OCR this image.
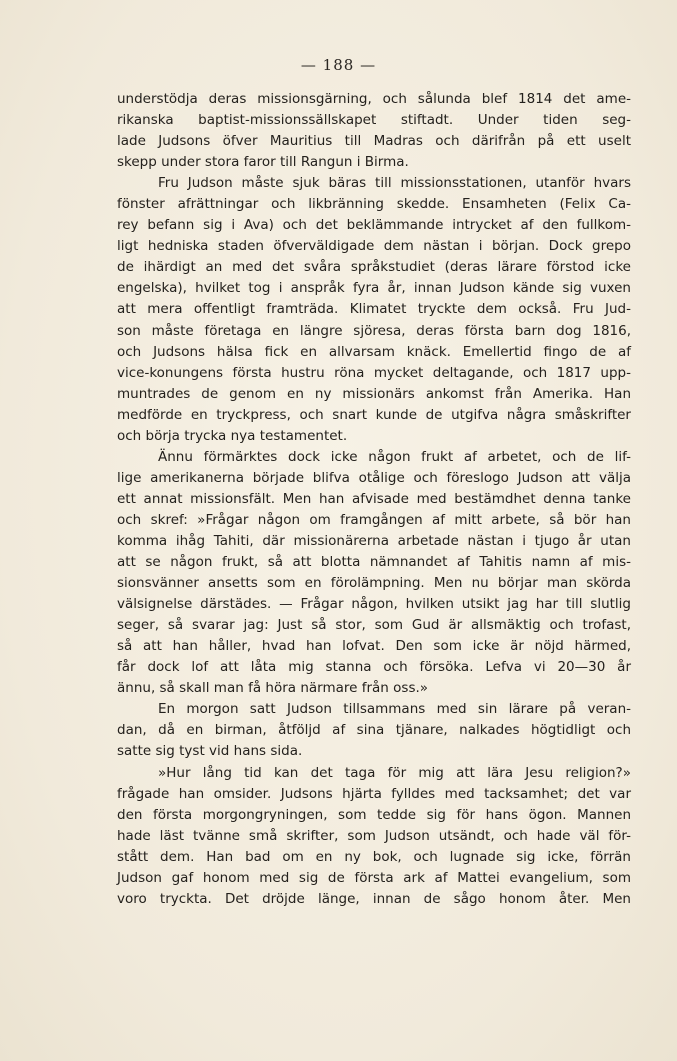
— 188 —
understödja deras missionsgärning, och sålunda blef 1814 det ame-
rikanska baptist-missionssällskapet stiftadt. Under tiden seg-
lade Judsons öfver Mauritius till Madras och därifrån på ett uselt
skepp under stora faror till Rangun i Birma.
Fru Judson måste sjuk bäras till missionsstationen, utanför hvars
fönster afrättningar och likbränning skedde. Ensamheten (Felix Ca-
rey befann sig i Ava) och det beklämmande intrycket af den fullkom-
ligt hedniska staden öfverväldigade dem nästan i början. Dock grepo
de ihärdigt an med det svåra språkstudiet (deras lärare förstod icke
engelska), hvilket tog i anspråk fyra år, innan Judson kände sig vuxen
att mera offentligt framträda. Klimatet tryckte dem också. Fru Jud-
son måste företaga en längre sjöresa, deras första barn dog 1816,
och Judsons hälsa fick en allvarsam knäck. Emellertid fingo de af
vice-konungens första hustru röna mycket deltagande, och 1817 upp-
muntrades de genom en ny missionärs ankomst från Amerika. Han
medförde en tryckpress, och snart kunde de utgifva några småskrifter
och börja trycka nya testamentet.
Ännu förmärktes dock icke någon frukt af arbetet, och de lif-
lige amerikanerna började blifva otålige och föreslogo Judson att välja
ett annat missionsfält. Men han afvisade med bestämdhet denna tanke
och skref: »Frågar någon om framgången af mitt arbete, så bör han
komma ihåg Tahiti, där missionärerna arbetade nästan i tjugo år utan
att se någon frukt, så att blotta nämnandet af Tahitis namn af mis-
sionsvänner ansetts som en förolämpning. Men nu börjar man skörda
välsignelse därstädes. — Frågar någon, hvilken utsikt jag har till slutlig
seger, så svarar jag: Just så stor, som Gud är allsmäktig och trofast,
så att han håller, hvad han lofvat. Den som icke är nöjd härmed,
får dock lof att låta mig stanna och försöka. Lefva vi 20—30 år
ännu, så skall man få höra närmare från oss.»
En morgon satt Judson tillsammans med sin lärare på veran-
dan, då en birman, åtföljd af sina tjänare, nalkades högtidligt och
satte sig tyst vid hans sida.
»Hur lång tid kan det taga för mig att lära Jesu religion?»
frågade han omsider. Judsons hjärta fylldes med tacksamhet; det var
den första morgongryningen, som tedde sig för hans ögon. Mannen
hade läst tvänne små skrifter, som Judson utsändt, och hade väl för-
stått dem. Han bad om en ny bok, och lugnade sig icke, förrän
Judson gaf honom med sig de första ark af Mattei evangelium, som
voro tryckta. Det dröjde länge, innan de sågo honom åter. Men
